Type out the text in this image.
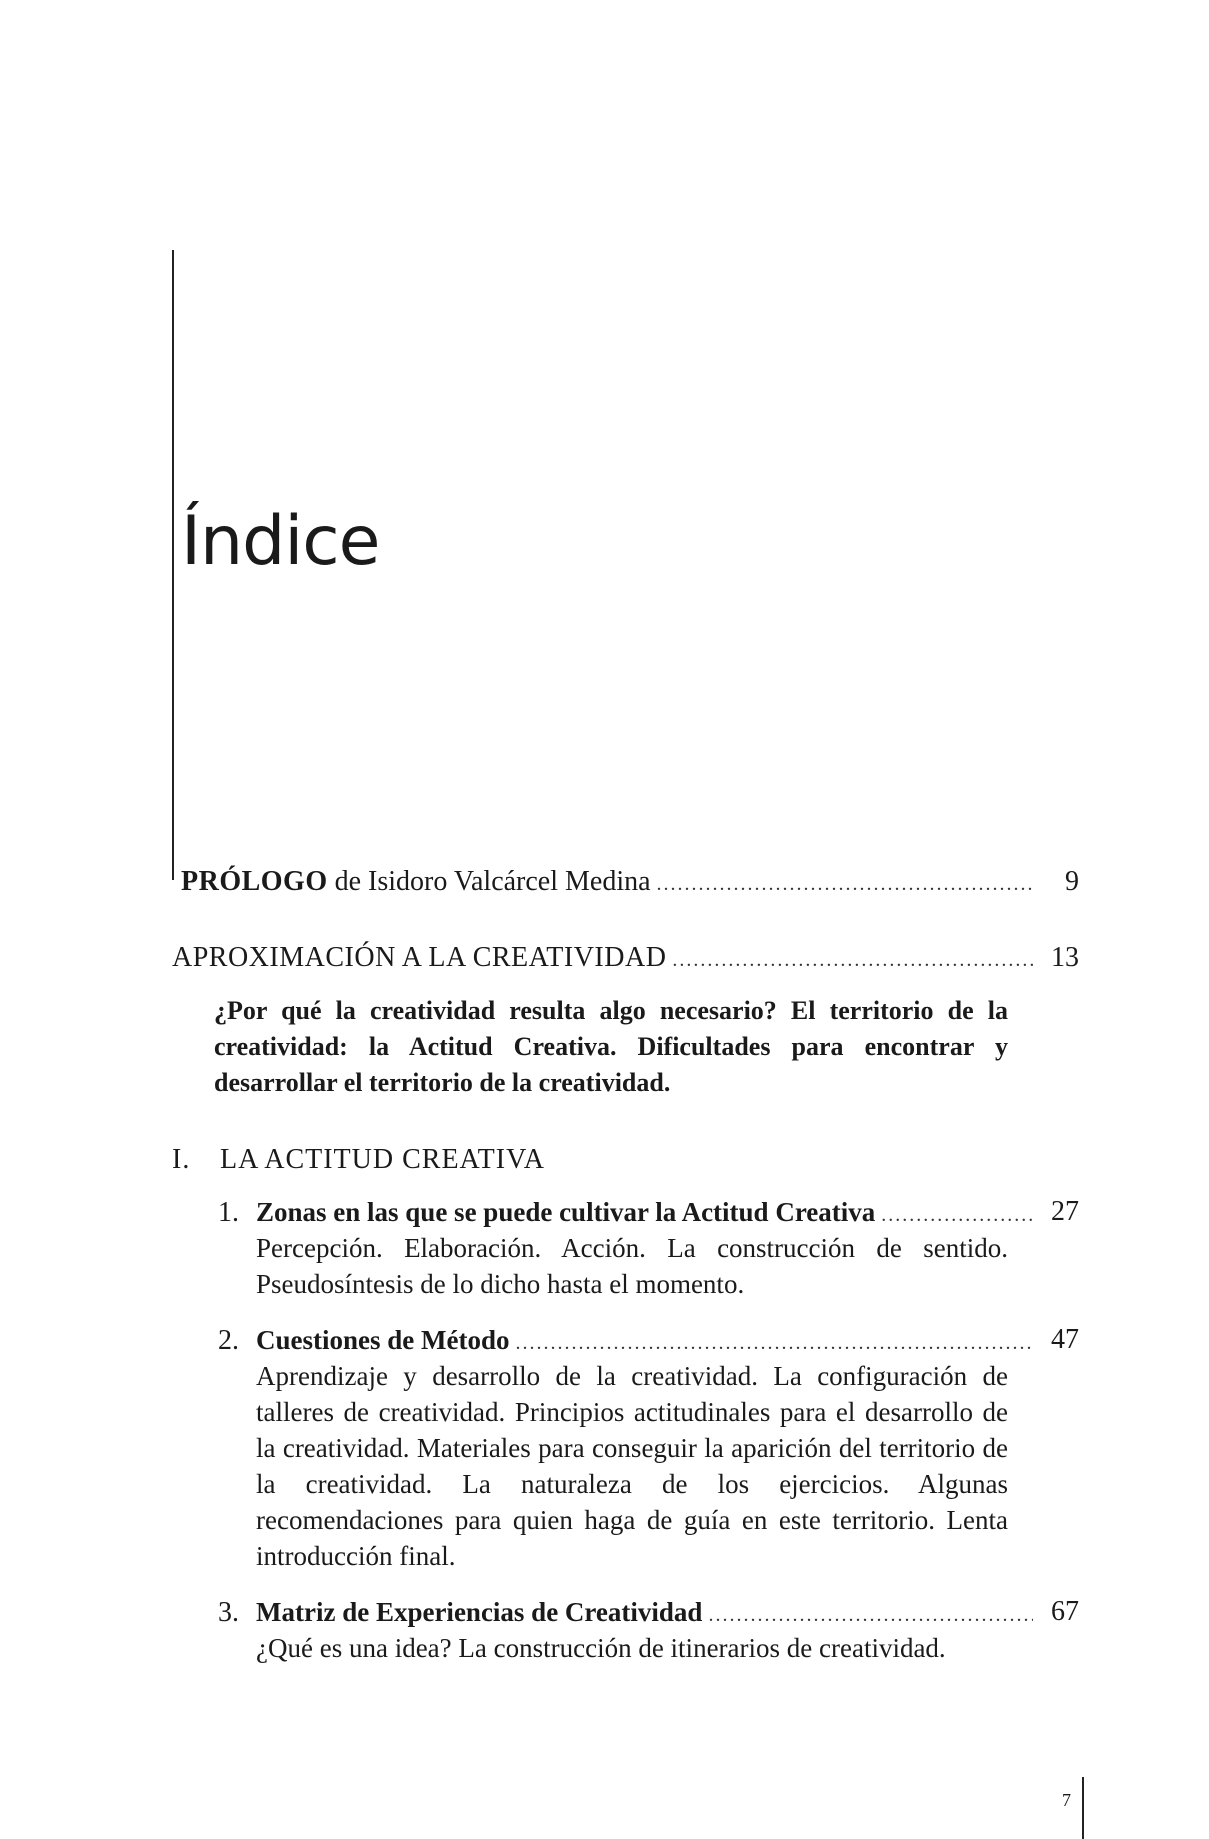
Índice
PRÓLOGO de Isidoro Valcárcel Medina .....	9
APROXIMACIÓN A LA CREATIVIDAD .....	13
¿Por qué la creatividad resulta algo necesario? El territorio de la creatividad: la Actitud Creativa. Dificultades para encontrar y desarrollar el territorio de la creatividad.
I. LA ACTITUD CREATIVA
1. Zonas en las que se puede cultivar la Actitud Creativa .....	27
Percepción. Elaboración. Acción. La construcción de sentido. Pseudosíntesis de lo dicho hasta el momento.
2. Cuestiones de Método .....	47
Aprendizaje y desarrollo de la creatividad. La configuración de talleres de creatividad. Principios actitudinales para el desarrollo de la creatividad. Materiales para conseguir la aparición del territorio de la creatividad. La naturaleza de los ejercicios. Algunas recomendaciones para quien haga de guía en este territorio. Lenta introducción final.
3. Matriz de Experiencias de Creatividad .....	67
¿Qué es una idea? La construcción de itinerarios de creatividad.
7
